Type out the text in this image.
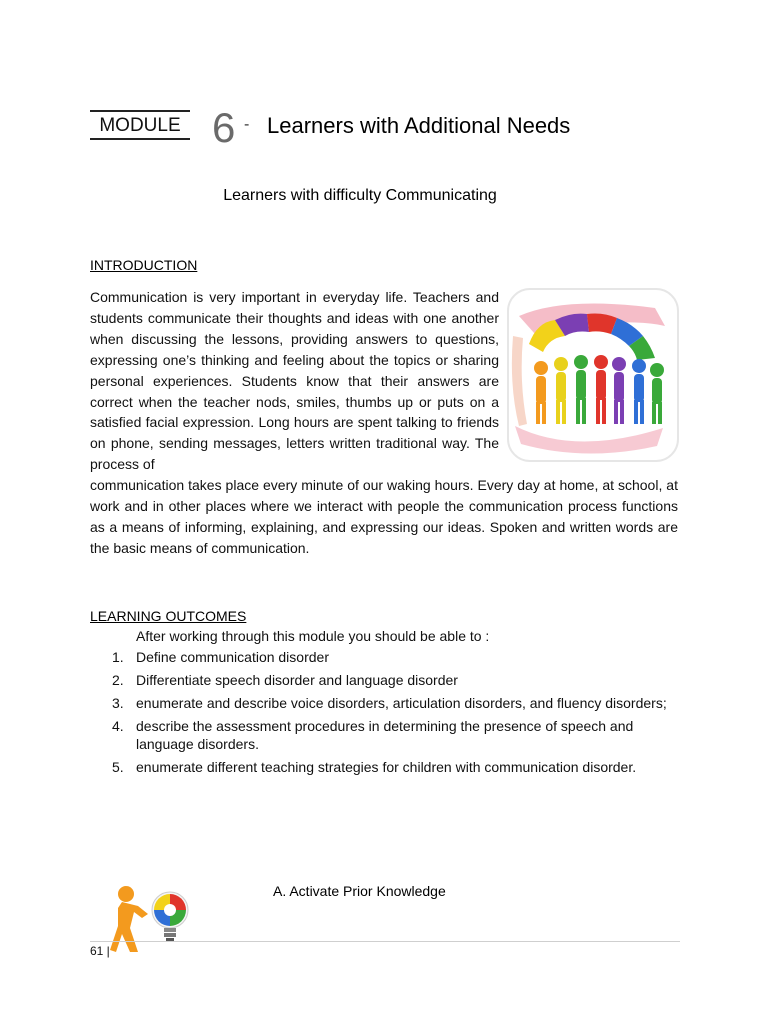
MODULE 6 - Learners with Additional Needs
Learners with difficulty Communicating
INTRODUCTION
Communication is very important in everyday life. Teachers and students communicate their thoughts and ideas with one another when discussing the lessons, providing answers to questions, expressing one’s thinking and feeling about the topics or sharing personal experiences. Students know that their answers are correct when the teacher nods, smiles, thumbs up or puts on a satisfied facial expression. Long hours are spent talking to friends on phone, sending messages, letters written traditional way. The process of
communication takes place every minute of our waking hours. Every day at home, at school, at work and in other places where we interact with people the communication process functions as a means of informing, explaining, and expressing our ideas. Spoken and written words are the basic means of communication.
LEARNING OUTCOMES
After working through this module you should be able to :
1. Define communication disorder
2. Differentiate speech disorder and language disorder
3. enumerate and describe voice disorders, articulation disorders, and fluency disorders;
4. describe the assessment procedures in determining the presence of speech and language disorders.
5. enumerate different teaching strategies for children with communication disorder.
A. Activate Prior Knowledge
61 |
